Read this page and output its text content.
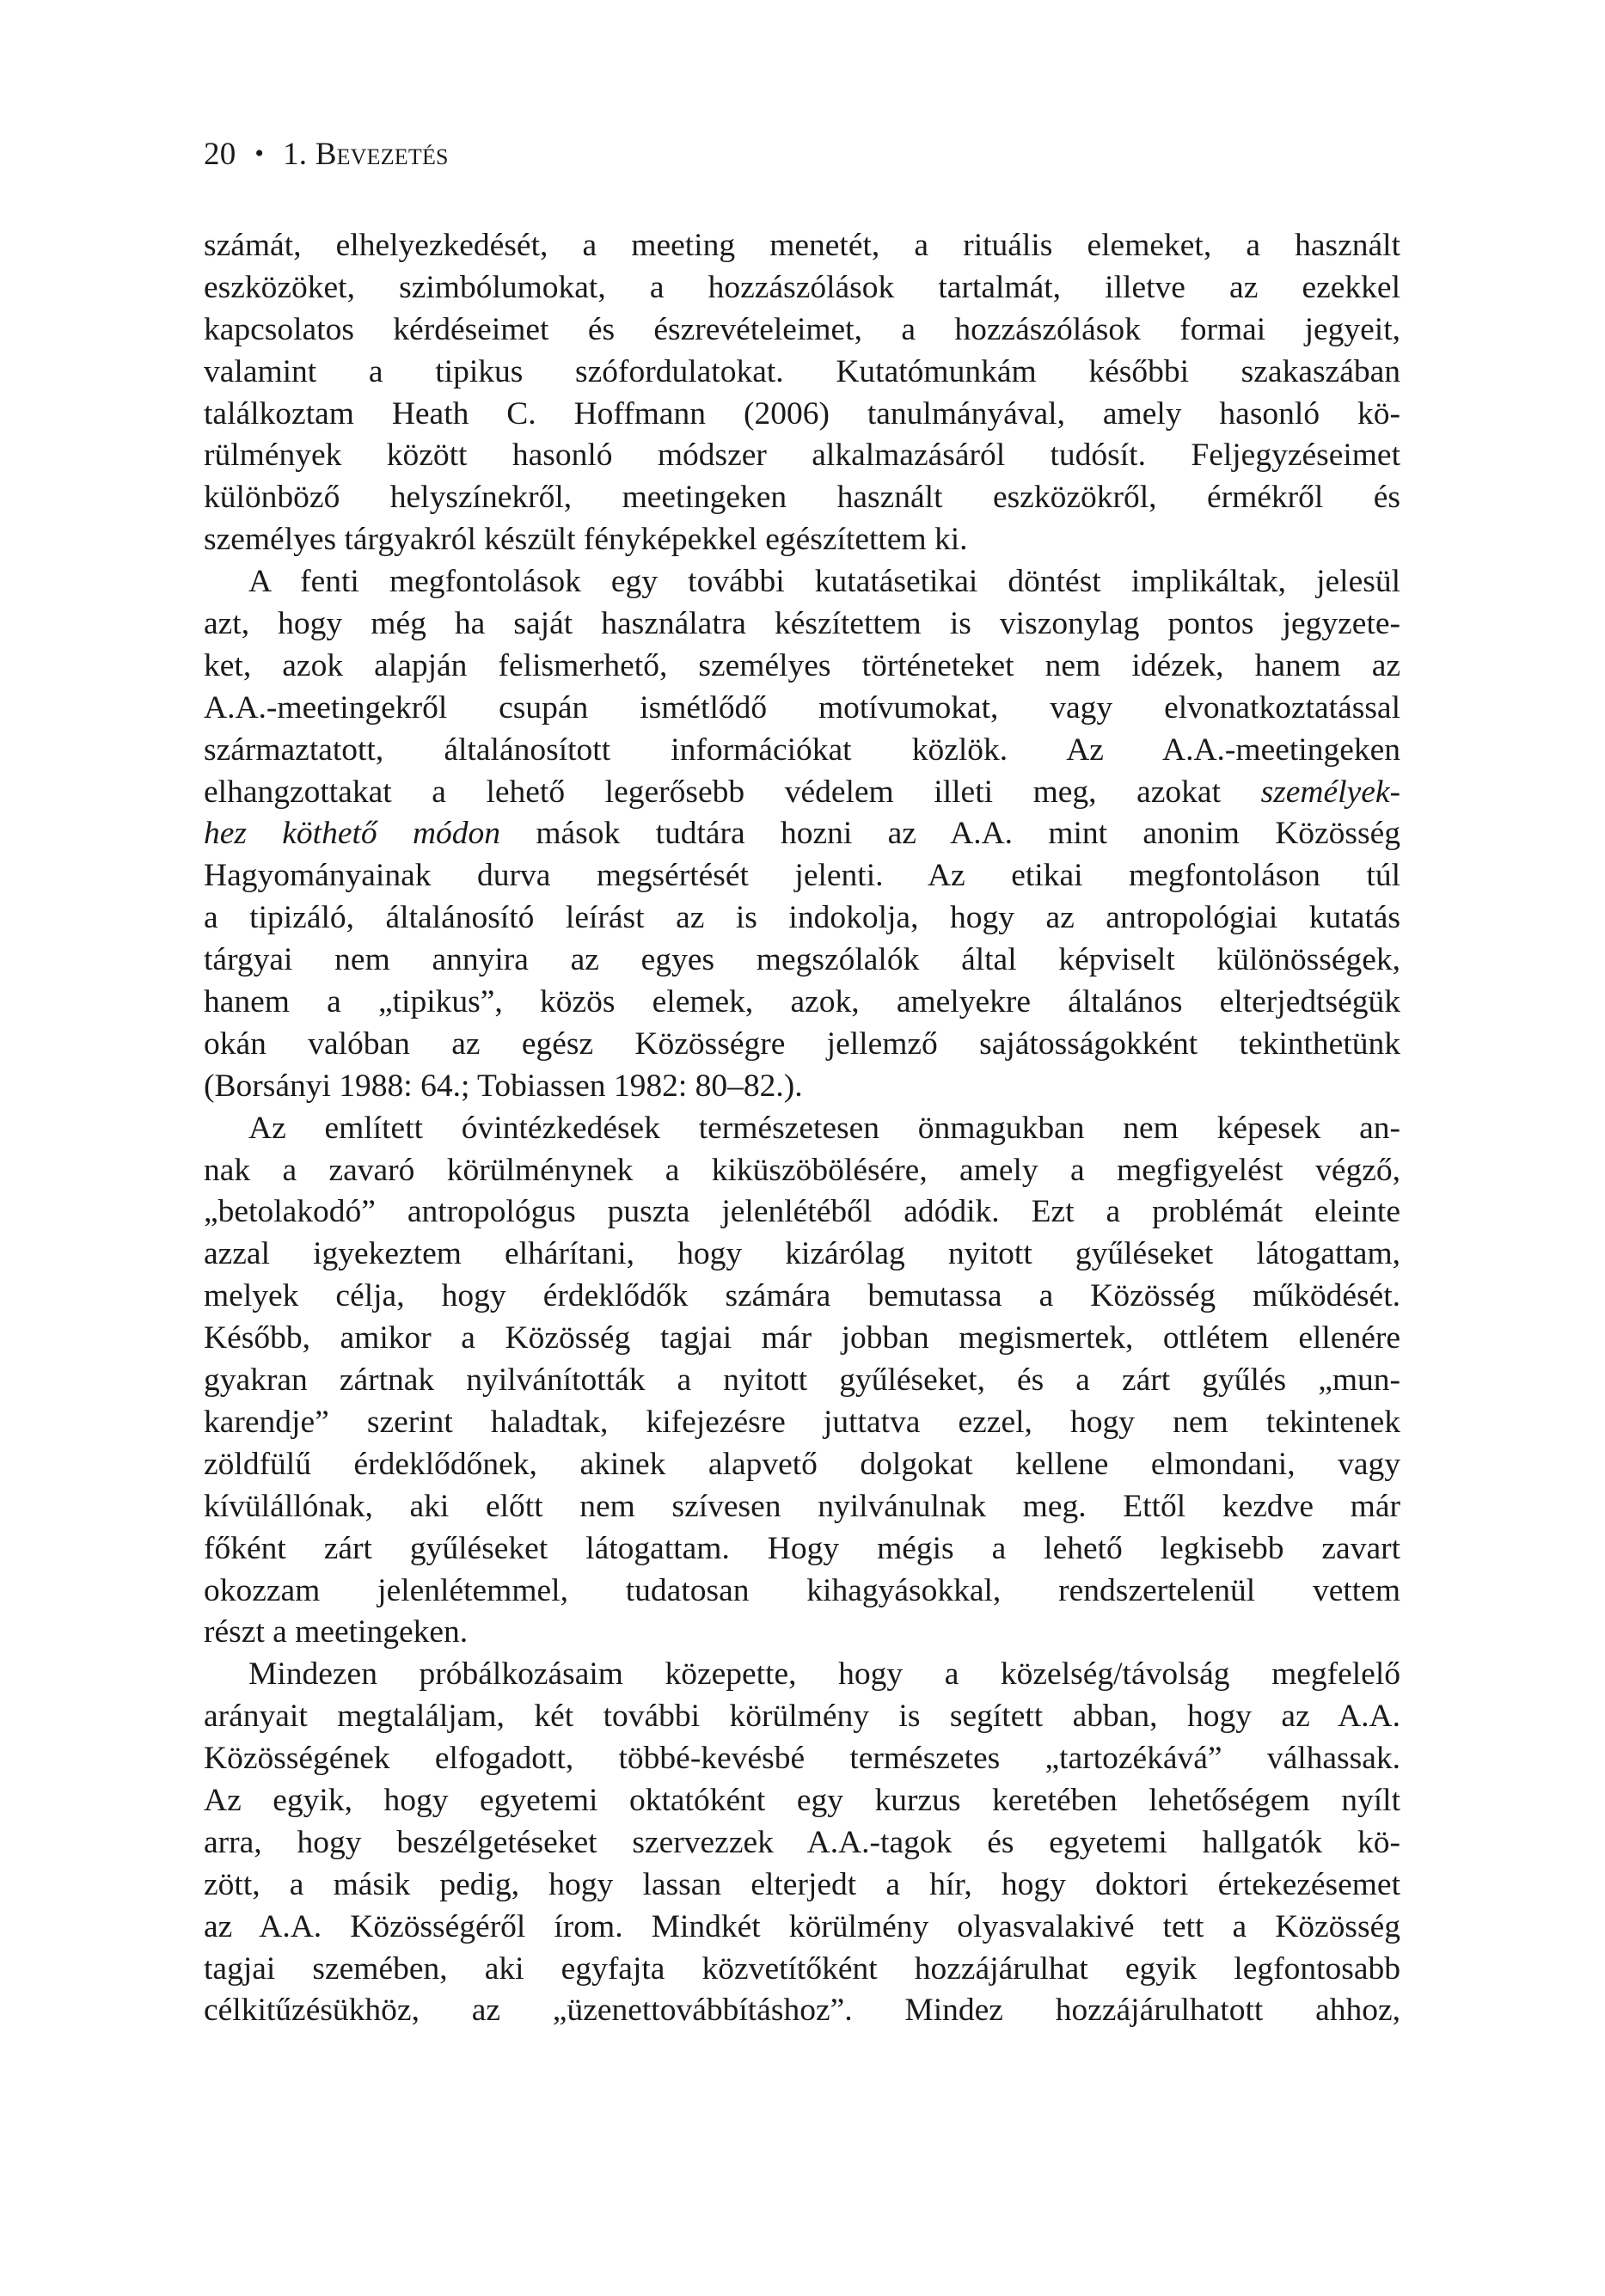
20 • 1. Bevezetés
számát, elhelyezkedését, a meeting menetét, a rituális elemeket, a használt
eszközöket, szimbólumokat, a hozzászólások tartalmát, illetve az ezekkel
kapcsolatos kérdéseimet és észrevételeimet, a hozzászólások formai jegyeit,
valamint a tipikus szófordulatokat. Kutatómunkám későbbi szakaszában
találkoztam Heath C. Hoffmann (2006) tanulmányával, amely hasonló kö-
rülmények között hasonló módszer alkalmazásáról tudósít. Feljegyzéseimet
különböző helyszínekről, meetingeken használt eszközökről, érmékről és
személyes tárgyakról készült fényképekkel egészítettem ki.
A fenti megfontolások egy további kutatásetikai döntést implikáltak, jelesül
azt, hogy még ha saját használatra készítettem is viszonylag pontos jegyzete-
ket, azok alapján felismerhető, személyes történeteket nem idézek, hanem az
A.A.-meetingekről csupán ismétlődő motívumokat, vagy elvonatkoztatással
származtatott, általánosított információkat közlök. Az A.A.-meetingeken
elhangzottakat a lehető legerősebb védelem illeti meg, azokat személyek-
hez köthető módon mások tudtára hozni az A.A. mint anonim Közösség
Hagyományainak durva megsértését jelenti. Az etikai megfontoláson túl
a tipizáló, általánosító leírást az is indokolja, hogy az antropológiai kutatás
tárgyai nem annyira az egyes megszólalók által képviselt különösségek,
hanem a „tipikus”, közös elemek, azok, amelyekre általános elterjedtségük
okán valóban az egész Közösségre jellemző sajátosságokként tekinthetünk
(Borsányi 1988: 64.; Tobiassen 1982: 80–82.).
Az említett óvintézkedések természetesen önmagukban nem képesek an-
nak a zavaró körülménynek a kiküszöbölésére, amely a megfigyelést végző,
„betolakodó” antropológus puszta jelenlétéből adódik. Ezt a problémát eleinte
azzal igyekeztem elhárítani, hogy kizárólag nyitott gyűléseket látogattam,
melyek célja, hogy érdeklődők számára bemutassa a Közösség működését.
Később, amikor a Közösség tagjai már jobban megismertek, ottlétem ellenére
gyakran zártnak nyilvánították a nyitott gyűléseket, és a zárt gyűlés „mun-
karendje” szerint haladtak, kifejezésre juttatva ezzel, hogy nem tekintenek
zöldfülű érdeklődőnek, akinek alapvető dolgokat kellene elmondani, vagy
kívülállónak, aki előtt nem szívesen nyilvánulnak meg. Ettől kezdve már
főként zárt gyűléseket látogattam. Hogy mégis a lehető legkisebb zavart
okozzam jelenlétemmel, tudatosan kihagyásokkal, rendszertelenül vettem
részt a meetingeken.
Mindezen próbálkozásaim közepette, hogy a közelség/távolság megfelelő
arányait megtaláljam, két további körülmény is segített abban, hogy az A.A.
Közösségének elfogadott, többé-kevésbé természetes „tartozékává” válhassak.
Az egyik, hogy egyetemi oktatóként egy kurzus keretében lehetőségem nyílt
arra, hogy beszélgetéseket szervezzek A.A.-tagok és egyetemi hallgatók kö-
zött, a másik pedig, hogy lassan elterjedt a hír, hogy doktori értekezésemet
az A.A. Közösségéről írom. Mindkét körülmény olyasvalakivé tett a Közösség
tagjai szemében, aki egyfajta közvetítőként hozzájárulhat egyik legfontosabb
célkitűzésükhöz, az „üzenettovábbításhoz”. Mindez hozzájárulhatott ahhoz,
